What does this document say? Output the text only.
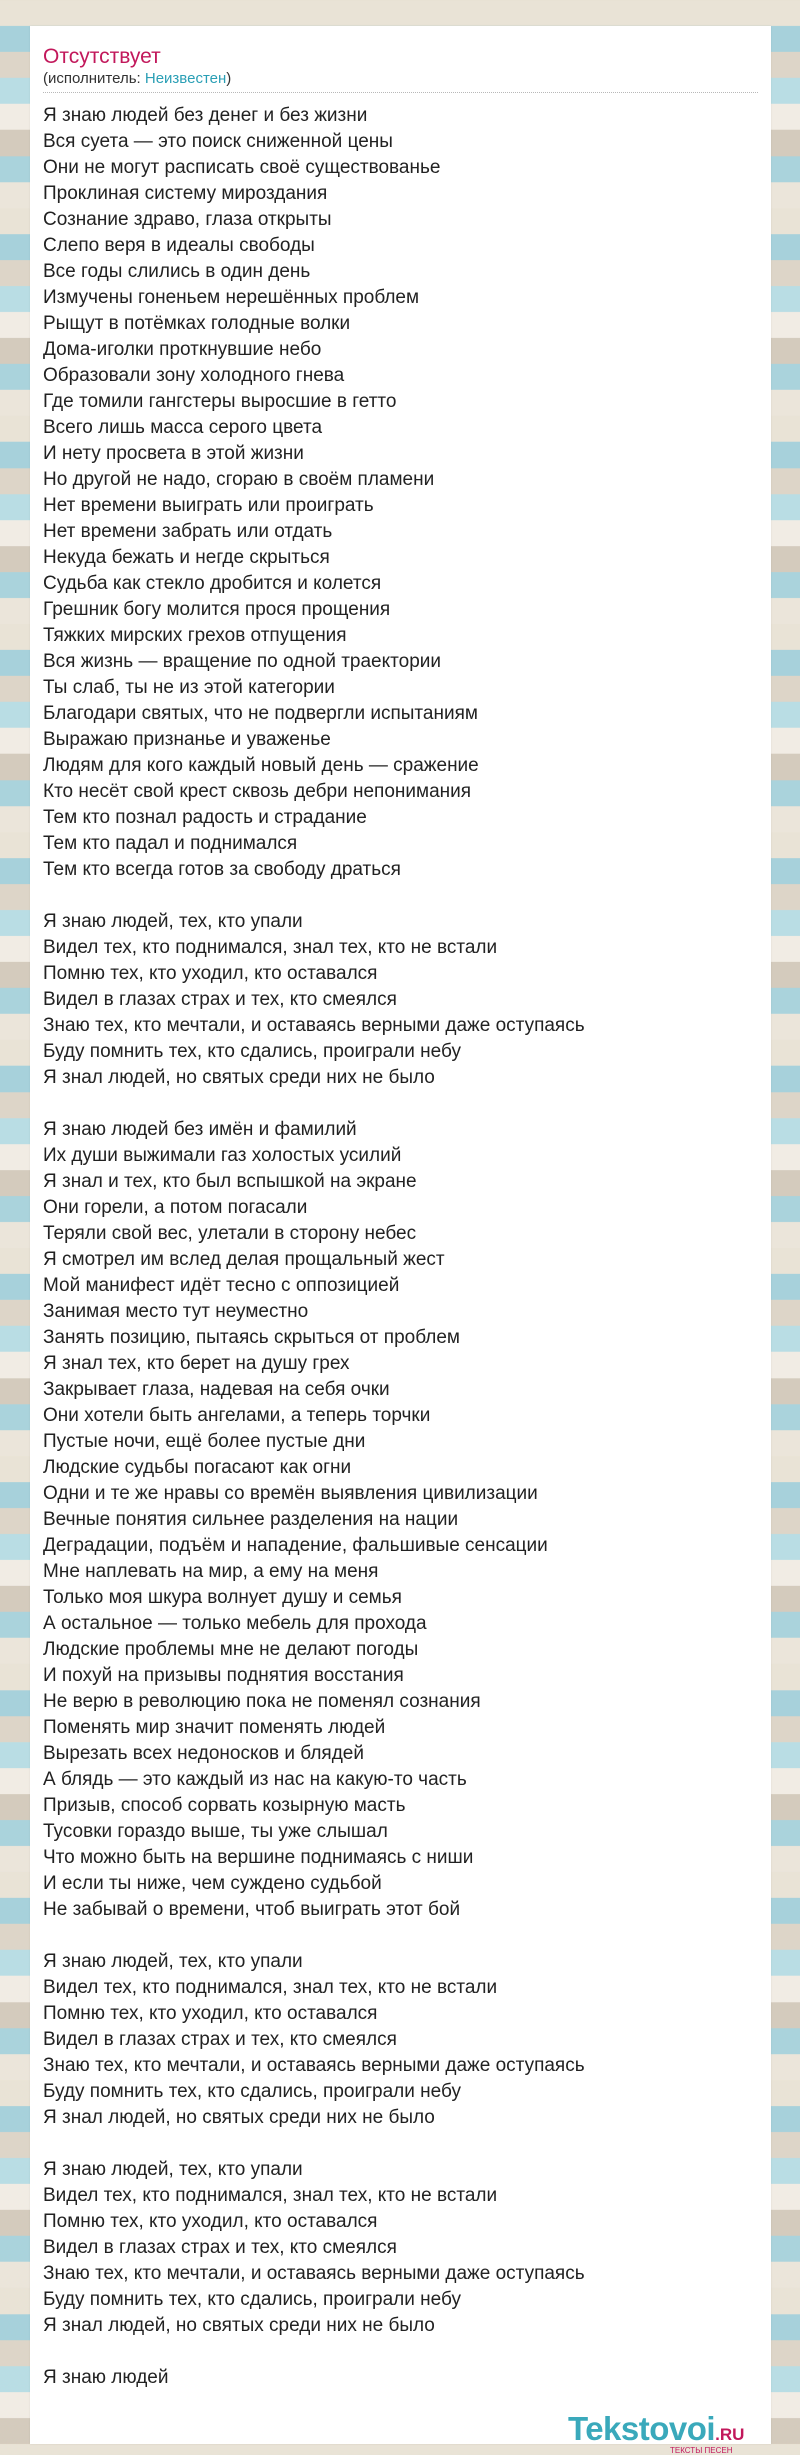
Отсутствует
(исполнитель: Неизвестен)
Я знаю людей без денег и без жизни
Вся суета — это поиск сниженной цены
Они не могут расписать своё существованье
Проклиная систему мироздания
Сознание здраво, глаза открыты
Слепо веря в идеалы свободы
Все годы слились в один день
Измучены гоненьем нерешённых проблем
Рыщут в потёмках голодные волки
Дома-иголки проткнувшие небо
Образовали зону холодного гнева
Где томили гангстеры выросшие в гетто
Всего лишь масса серого цвета
И нету просвета в этой жизни
Но другой не надо, сгораю в своём пламени
Нет времени выиграть или проиграть
Нет времени забрать или отдать
Некуда бежать и негде скрыться
Судьба как стекло дробится и колется
Грешник богу молится прося прощения
Тяжких мирских грехов отпущения
Вся жизнь — вращение по одной траектории
Ты слаб, ты не из этой категории
Благодари святых, что не подвергли испытаниям
Выражаю признанье и уваженье
Людям для кого каждый новый день — сражение
Кто несёт свой крест сквозь дебри непонимания
Тем кто познал радость и страдание
Тем кто падал и поднимался
Тем кто всегда готов за свободу драться
Я знаю людей, тех, кто упали
Видел тех, кто поднимался, знал тех, кто не встали
Помню тех, кто уходил, кто оставался
Видел в глазах страх и тех, кто смеялся
Знаю тех, кто мечтали, и оставаясь верными даже оступаясь
Буду помнить тех, кто сдались, проиграли небу
Я знал людей, но святых среди них не было
Я знаю людей без имён и фамилий
Их души выжимали газ холостых усилий
Я знал и тех, кто был вспышкой на экране
Они горели, а потом погасали
Теряли свой вес, улетали в сторону небес
Я смотрел им вслед делая прощальный жест
Мой манифест идёт тесно с оппозицией
Занимая место тут неуместно
Занять позицию, пытаясь скрыться от проблем
Я знал тех, кто берет на душу грех
Закрывает глаза, надевая на себя очки
Они хотели быть ангелами, а теперь торчки
Пустые ночи, ещё более пустые дни
Людские судьбы погасают как огни
Одни и те же нравы со времён выявления цивилизации
Вечные понятия сильнее разделения на нации
Деградации, подъём и нападение, фальшивые сенсации
Мне наплевать на мир, а ему на меня
Только моя шкура волнует душу и семья
А остальное — только мебель для прохода
Людские проблемы мне не делают погоды
И похуй на призывы поднятия восстания
Не верю в революцию пока не поменял сознания
Поменять мир значит поменять людей
Вырезать всех недоносков и блядей
А блядь — это каждый из нас на какую-то часть
Призыв, способ сорвать козырную масть
Тусовки гораздо выше, ты уже слышал
Что можно быть на вершине поднимаясь с ниши
И если ты ниже, чем суждено судьбой
Не забывай о времени, чтоб выиграть этот бой
Я знаю людей, тех, кто упали
Видел тех, кто поднимался, знал тех, кто не встали
Помню тех, кто уходил, кто оставался
Видел в глазах страх и тех, кто смеялся
Знаю тех, кто мечтали, и оставаясь верными даже оступаясь
Буду помнить тех, кто сдались, проиграли небу
Я знал людей, но святых среди них не было
Я знаю людей, тех, кто упали
Видел тех, кто поднимался, знал тех, кто не встали
Помню тех, кто уходил, кто оставался
Видел в глазах страх и тех, кто смеялся
Знаю тех, кто мечтали, и оставаясь верными даже оступаясь
Буду помнить тех, кто сдались, проиграли небу
Я знал людей, но святых среди них не было
Я знаю людей
Tekstovoi.RU
ТЕКСТЫ ПЕСЕН
